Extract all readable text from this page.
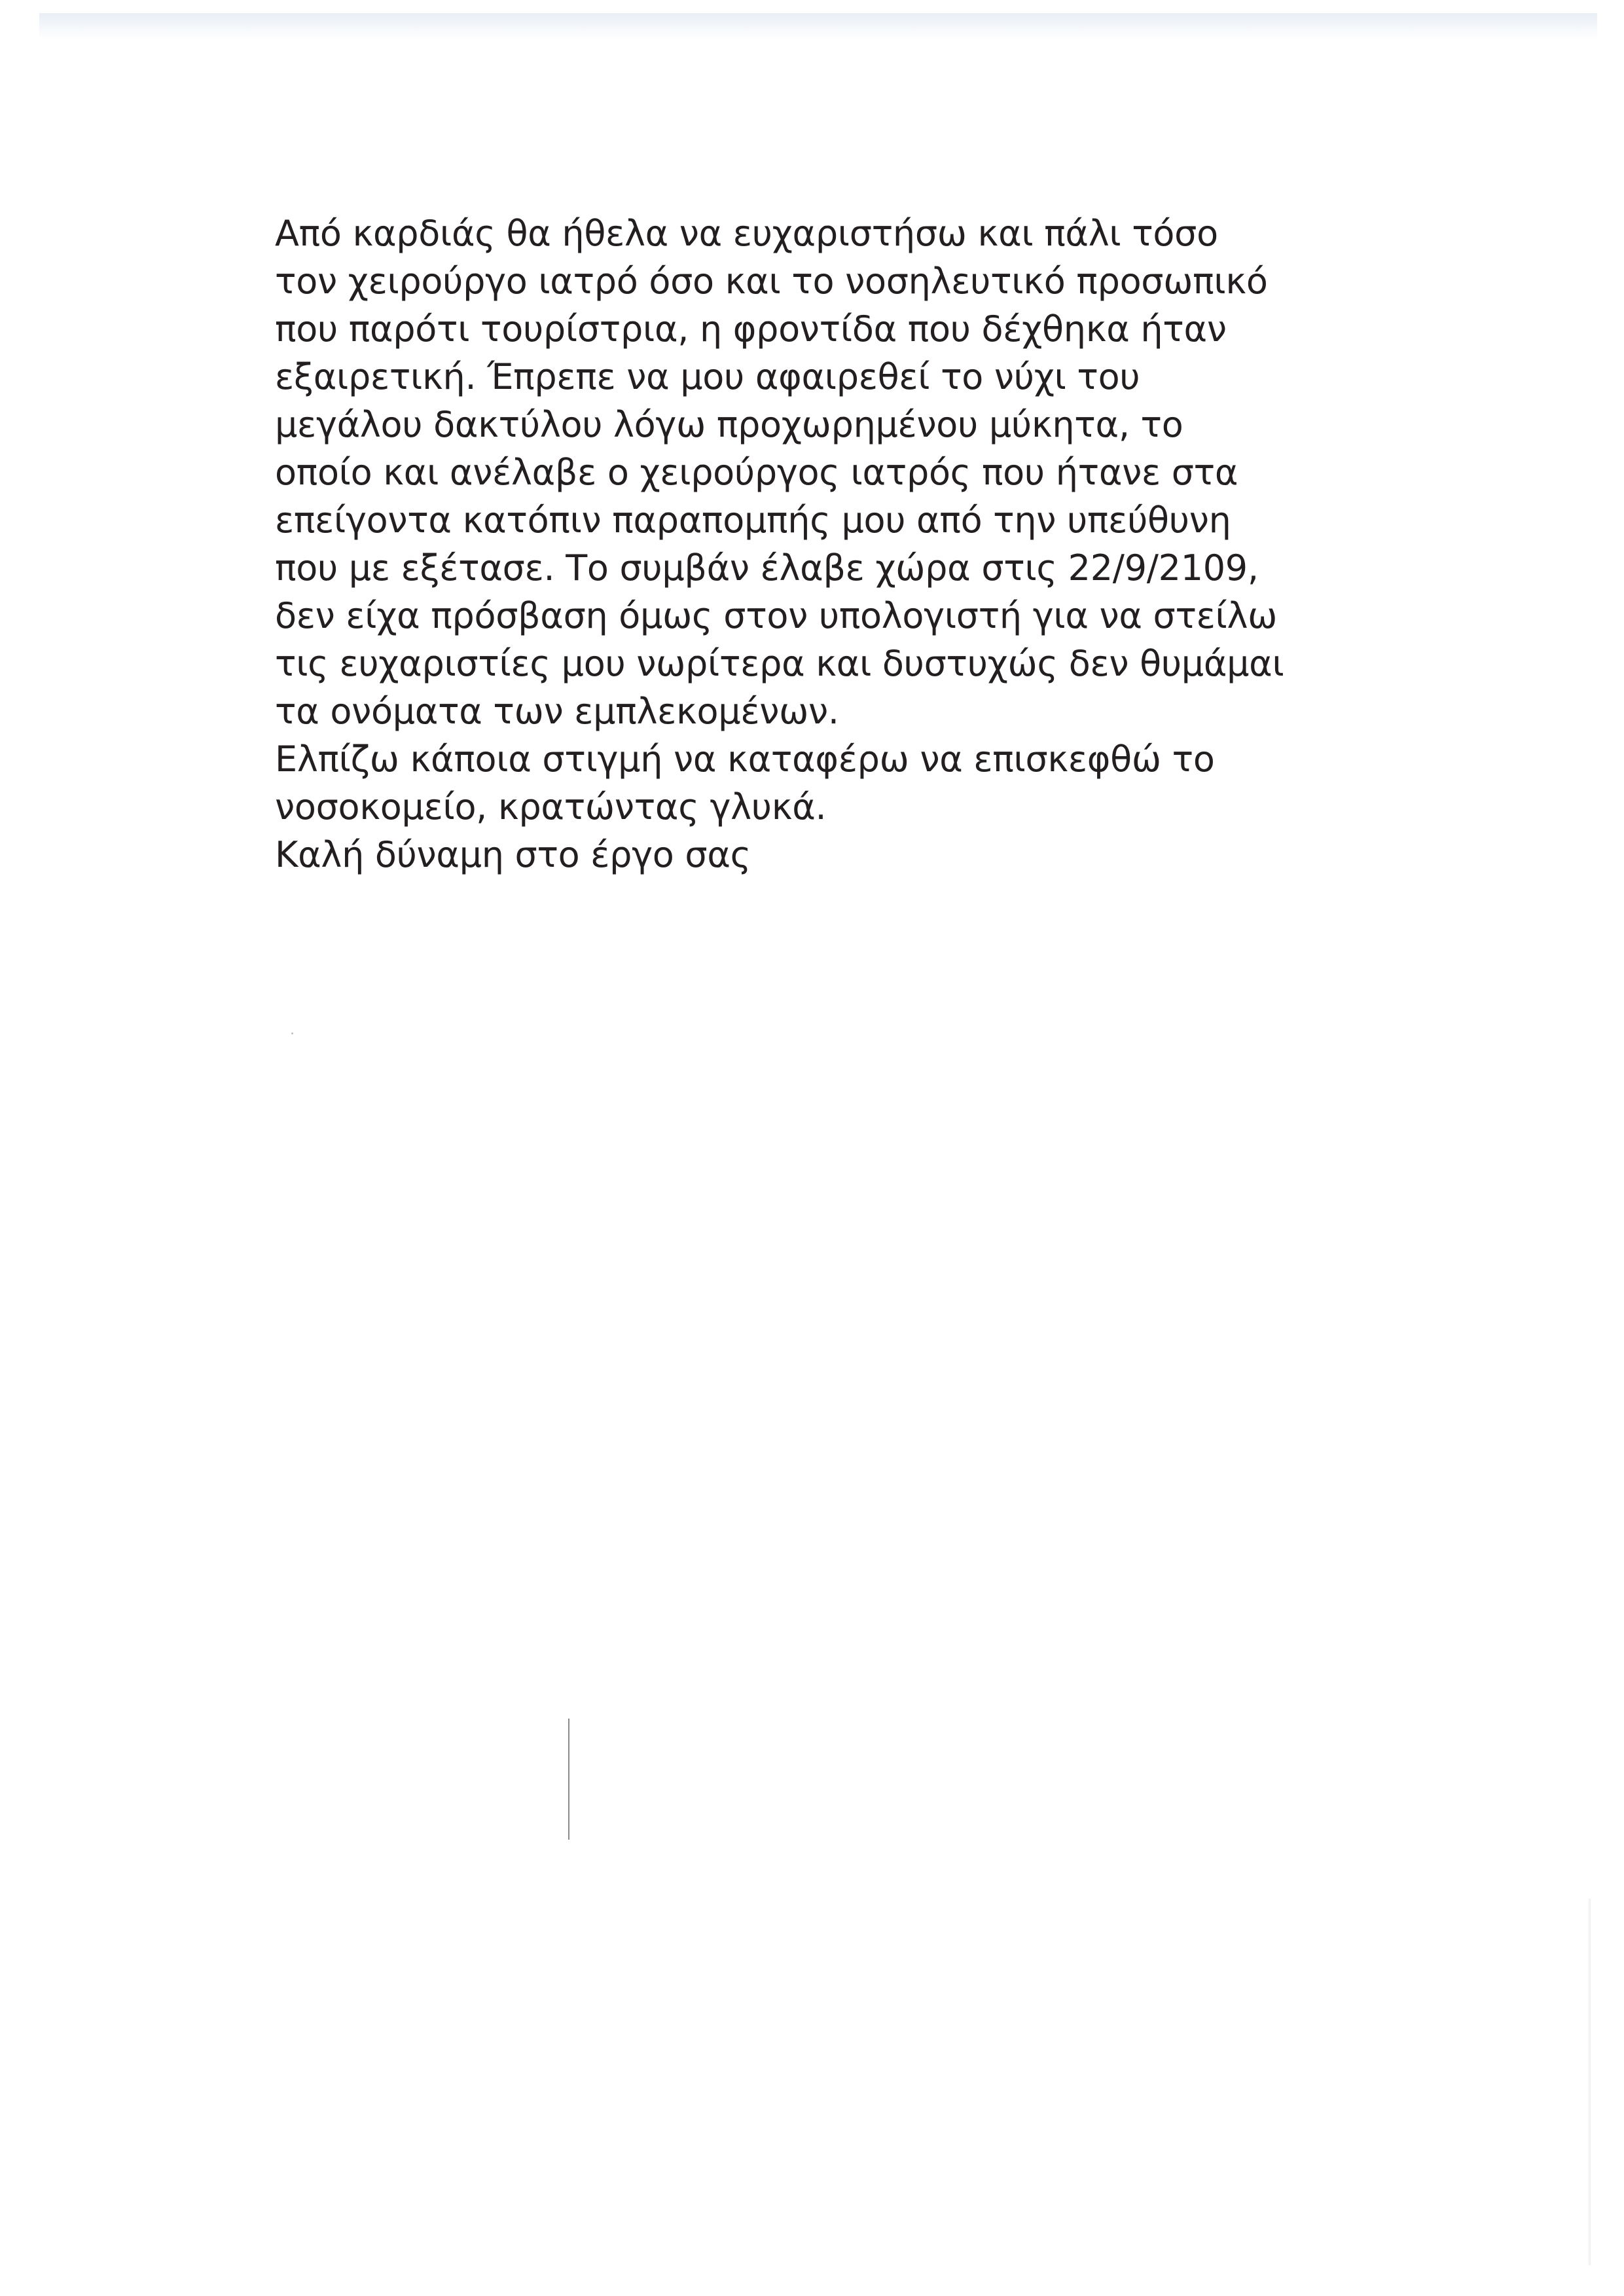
Από καρδιάς θα ήθελα να ευχαριστήσω και πάλι τόσο
τον χειρούργο ιατρό όσο και το νοσηλευτικό προσωπικό
που παρότι τουρίστρια, η φροντίδα που δέχθηκα ήταν
εξαιρετική. Έπρεπε να μου αφαιρεθεί το νύχι του
μεγάλου δακτύλου λόγω προχωρημένου μύκητα, το
οποίο και ανέλαβε ο χειρούργος ιατρός που ήτανε στα
επείγοντα κατόπιν παραπομπής μου από την υπεύθυνη
που με εξέτασε. Το συμβάν έλαβε χώρα στις 22/9/2109,
δεν είχα πρόσβαση όμως στον υπολογιστή για να στείλω
τις ευχαριστίες μου νωρίτερα και δυστυχώς δεν θυμάμαι
τα ονόματα των εμπλεκομένων.
Ελπίζω κάποια στιγμή να καταφέρω να επισκεφθώ το
νοσοκομείο, κρατώντας γλυκά.
Καλή δύναμη στο έργο σας
